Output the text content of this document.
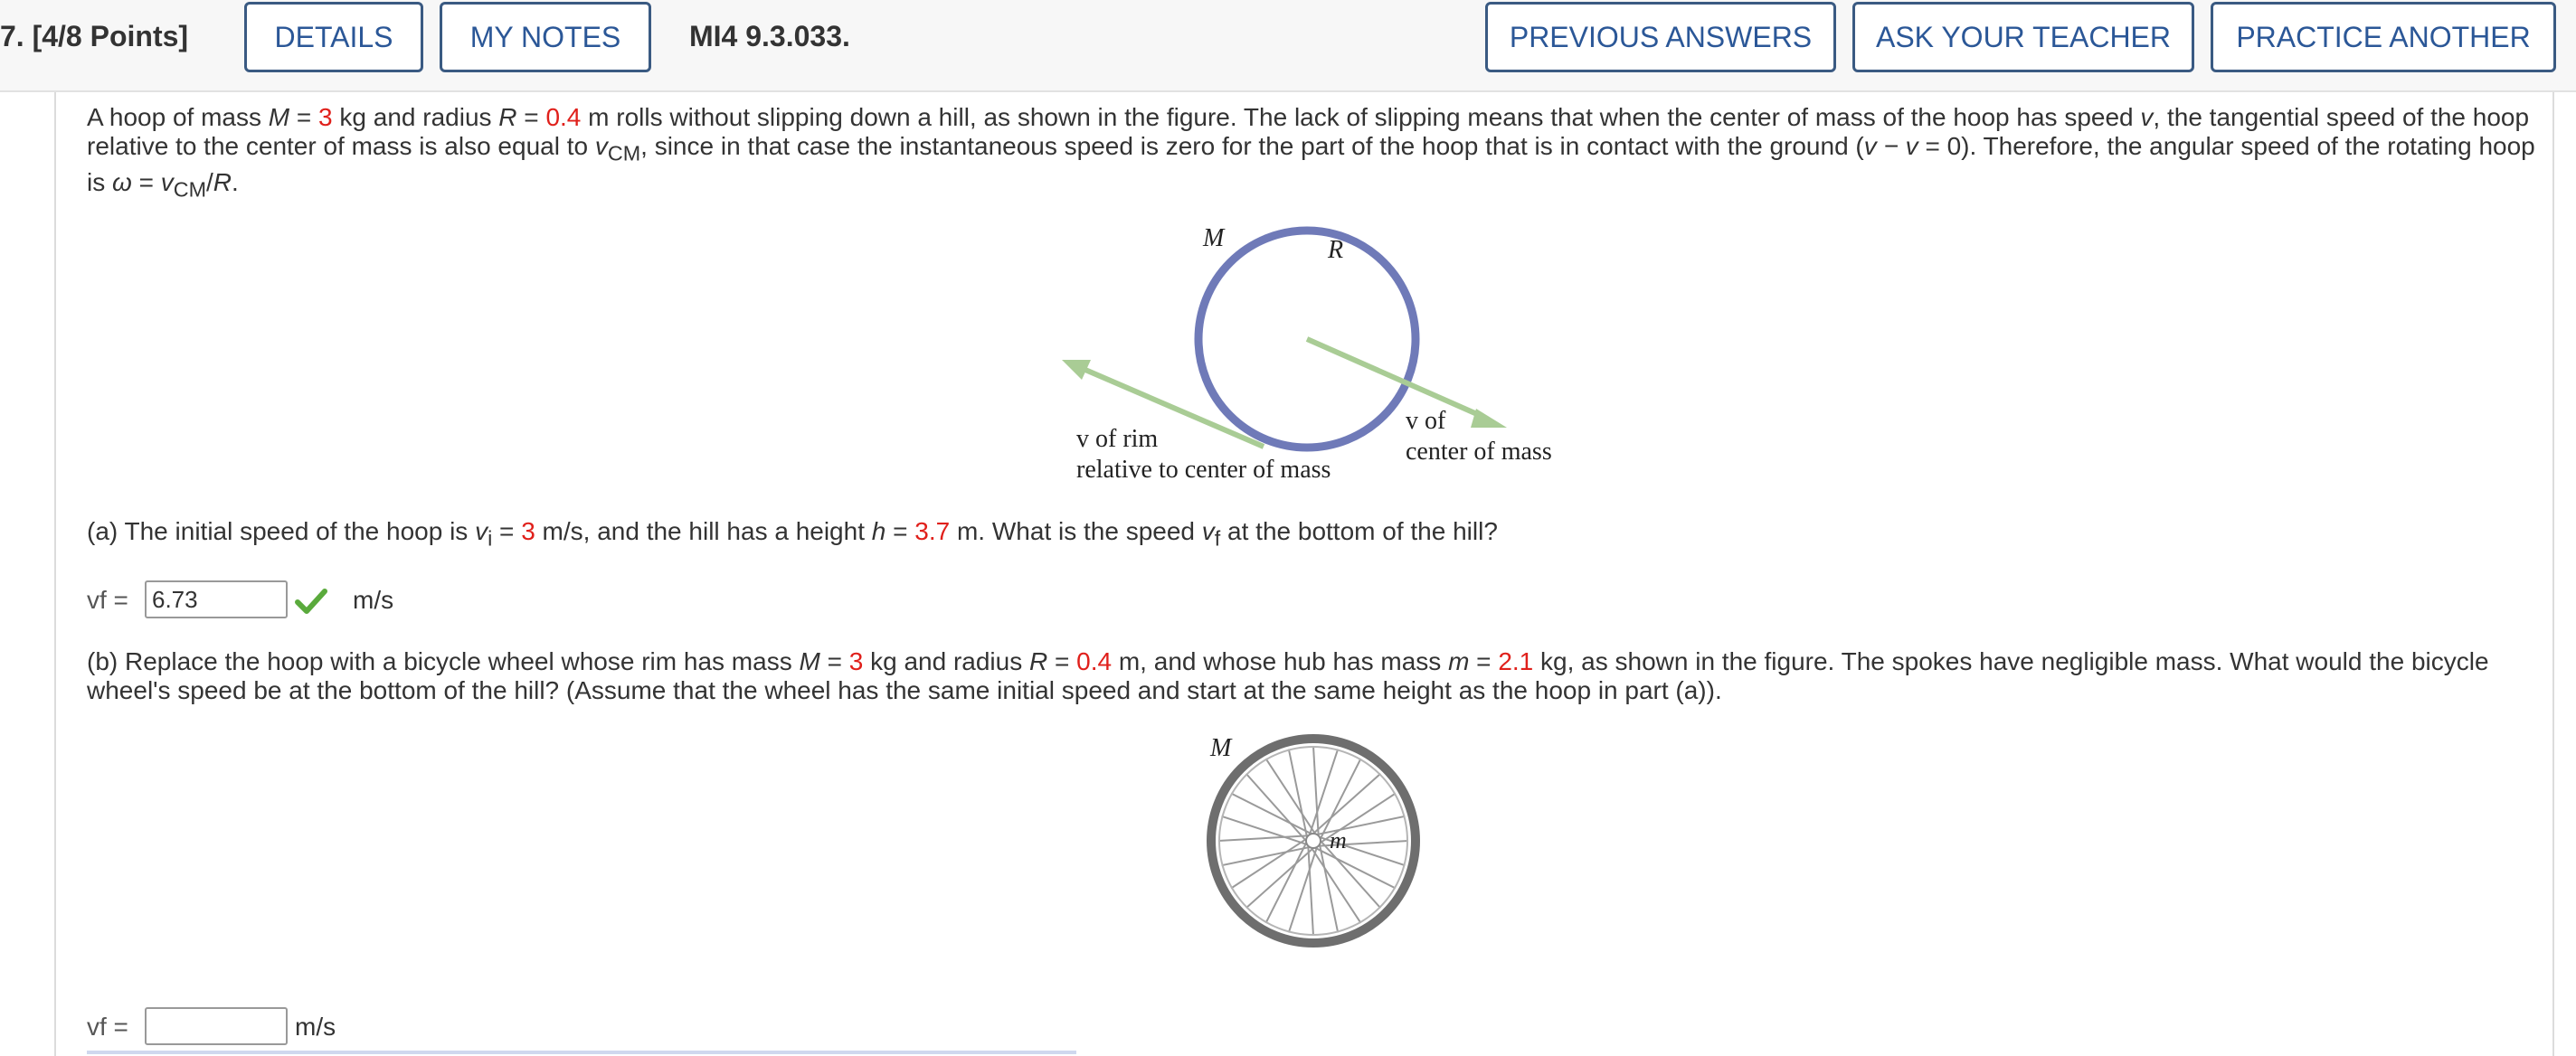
7. [4/8 Points]	DETAILS	MY NOTES	MI4 9.3.033.	PREVIOUS ANSWERS	ASK YOUR TEACHER	PRACTICE ANOTHER
A hoop of mass M = 3 kg and radius R = 0.4 m rolls without slipping down a hill, as shown in the figure. The lack of slipping means that when the center of mass of the hoop has speed v, the tangential speed of the hoop relative to the center of mass is also equal to $v_{CM}$, since in that case the instantaneous speed is zero for the part of the hoop that is in contact with the ground (v − v = 0). Therefore, the angular speed of the rotating hoop is $\omega = v_{CM}/R$.
M	R
v of rim
relative to center of mass
v of
center of mass
(a) The initial speed of the hoop is $v_i = 3$ m/s, and the hill has a height h = 3.7 m. What is the speed $v_f$ at the bottom of the hill?
vf =
6.73	m/s
(b) Replace the hoop with a bicycle wheel whose rim has mass M = 3 kg and radius R = 0.4 m, and whose hub has mass m = 2.1 kg, as shown in the figure. The spokes have negligible mass. What would the bicycle wheel's speed be at the bottom of the hill? (Assume that the wheel has the same initial speed and start at the same height as the hoop in part (a)).
M
m
vf =	m/s
